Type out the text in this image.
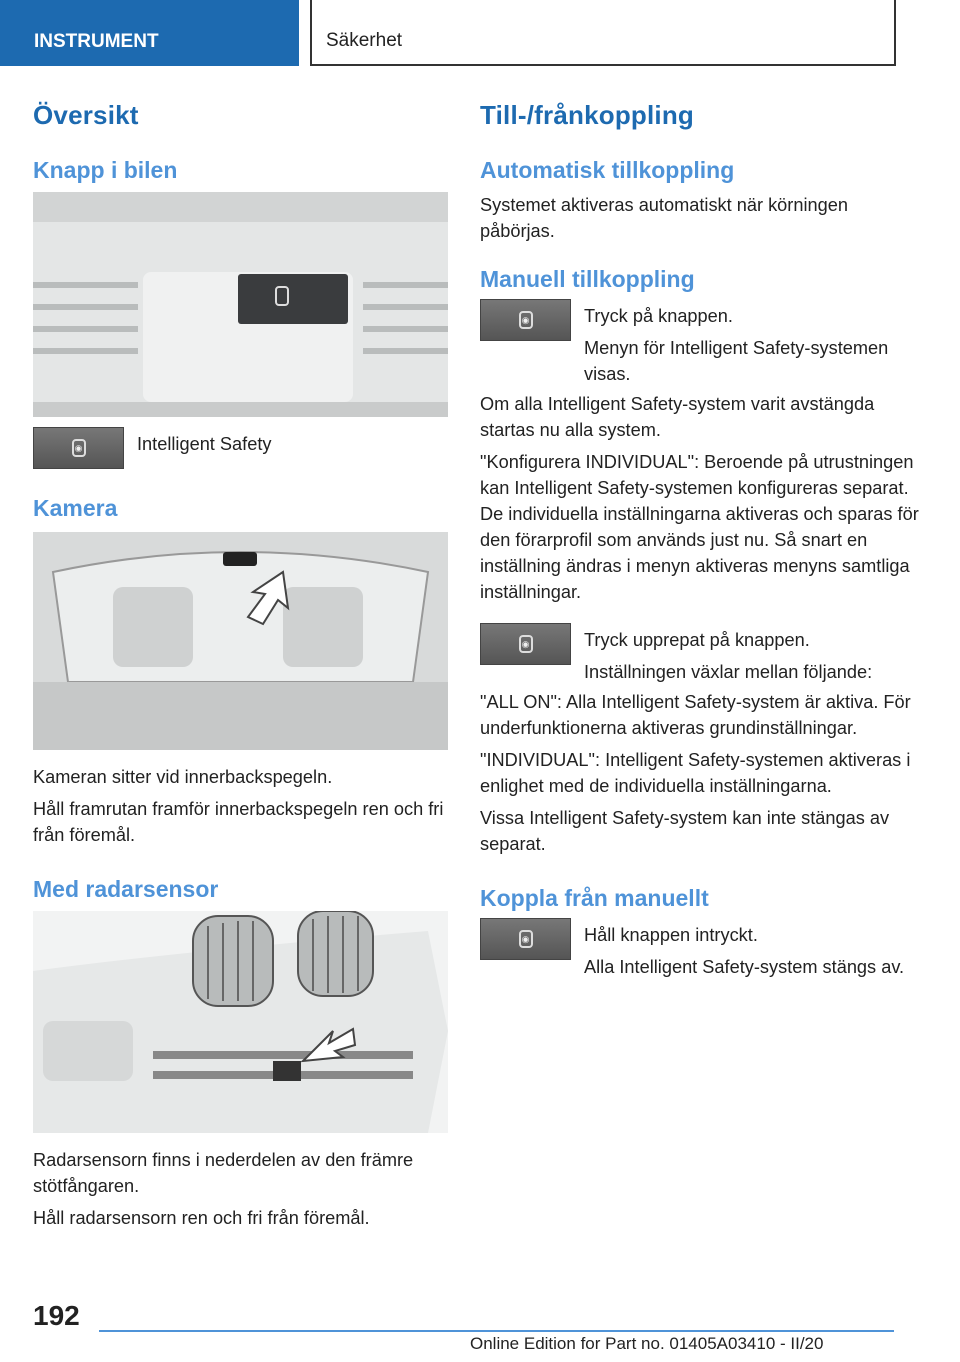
INSTRUMENT	Säkerhet
Översikt
Knapp i bilen
◉	Intelligent Safety

Kamera

Kameran sitter vid innerbackspegeln.

Håll framrutan framför innerbackspegeln ren och fri från föremål.

Med radarsensor

Radarsensorn finns i nederdelen av den främre stötfångaren.

Håll radarsensorn ren och fri från föremål.

Till-/frånkoppling
Automatisk tillkoppling

Systemet aktiveras automatiskt när körningen påbörjas.

Manuell tillkoppling
◉	Tryck på knappen.

Menyn för Intelligent Safety-systemen visas.

Om alla Intelligent Safety-system varit avstängda startas nu alla system.

"Konfigurera INDIVIDUAL": Beroende på utrustningen kan Intelligent Safety-systemen konfigureras separat. De individuella inställningarna aktiveras och sparas för den förarprofil som används just nu. Så snart en inställning ändras i menyn aktiveras menyns samtliga inställningar.

◉	Tryck upprepat på knappen.

Inställningen växlar mellan följande:

"ALL ON": Alla Intelligent Safety-system är aktiva. För underfunktionerna aktiveras grundinställningar.

"INDIVIDUAL": Intelligent Safety-systemen aktiveras i enlighet med de individuella inställningarna.

Vissa Intelligent Safety-system kan inte stängas av separat.

Koppla från manuellt
◉	Håll knappen intryckt.

Alla Intelligent Safety-system stängs av.

192
Online Edition for Part no. 01405A03410 - II/20
